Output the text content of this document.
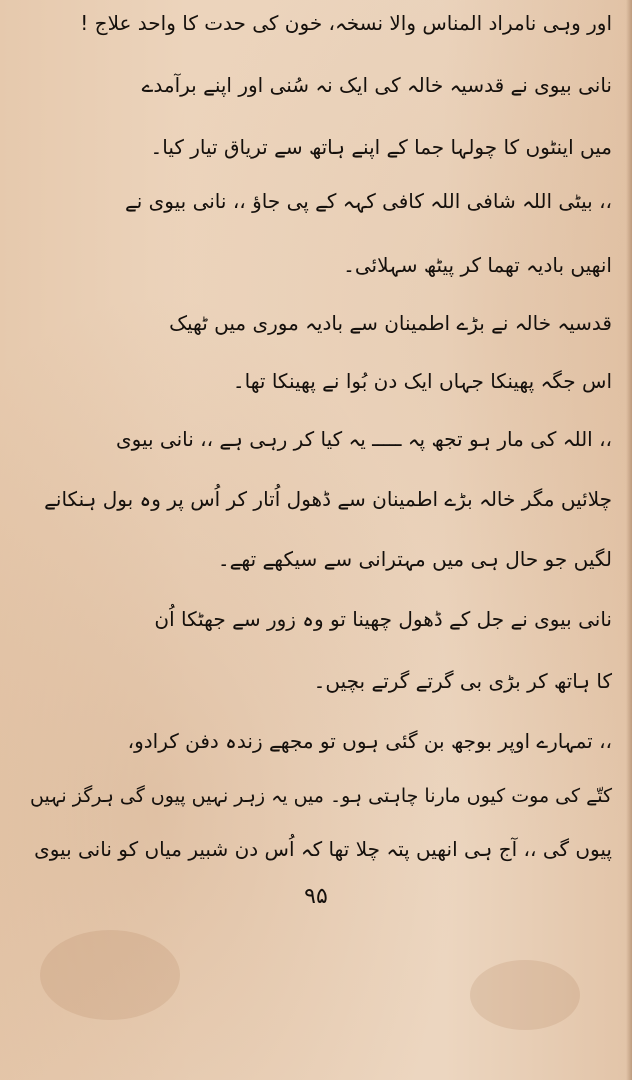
اور وہی نامراد المناس والا نسخہ، خون کی حدت کا واحد علاج !
نانی بیوی نے قدسیہ خالہ کی ایک نہ سُنی اور اپنے برآمدے
میں اینٹوں کا چولہا جما کے اپنے ہاتھ سے تریاق تیار کیا۔
،، بیٹی اللہ شافی اللہ کافی کہہ کے پی جاؤ ،، نانی بیوی نے
انھیں بادیہ تھما کر پیٹھ سہلائی۔
قدسیہ خالہ نے بڑے اطمینان سے بادیہ موری میں ٹھیک
اس جگہ پھینکا جہاں ایک دن بُوا نے پھینکا تھا۔
،، اللہ کی مار ہو تجھ پہ ـــــ یہ کیا کر رہی ہے ،، نانی بیوی
چلائیں مگر خالہ بڑے اطمینان سے ڈھول اُتار کر اُس پر وہ بول ہنکانے
لگیں جو حال ہی میں مہترانی سے سیکھے تھے۔
نانی بیوی نے جل کے ڈھول چھینا تو وہ زور سے جھٹکا اُن
کا ہاتھ کر بڑی بی گرتے گرتے بچیں۔
،، تمہارے اوپر بوجھ بن گئی ہوں تو مجھے زندہ دفن کرادو،
کتّے کی موت کیوں مارنا چاہتی ہو۔ میں یہ زہر نہیں پیوں گی ہرگز نہیں
پیوں گی ،، آج ہی انھیں پتہ چلا تھا کہ اُس دن شبیر میاں کو نانی بیوی
۹۵
